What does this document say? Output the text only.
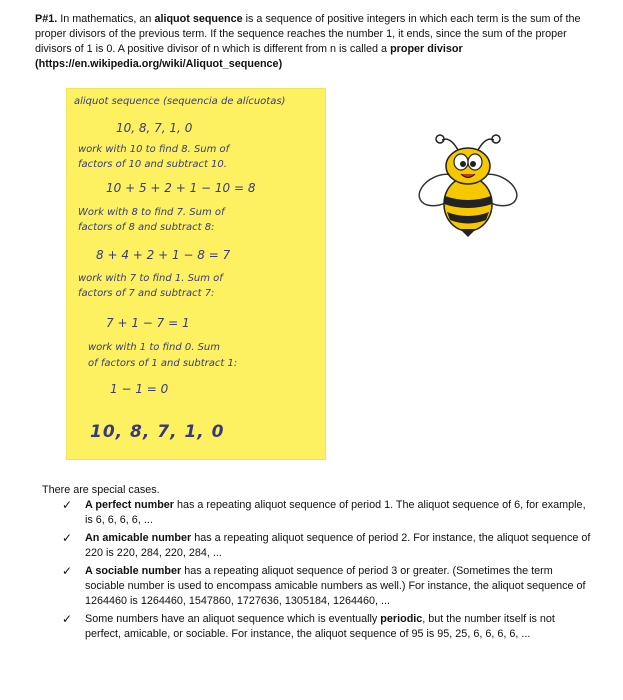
P#1. In mathematics, an aliquot sequence is a sequence of positive integers in which each term is the sum of the proper divisors of the previous term. If the sequence reaches the number 1, it ends, since the sum of the proper divisors of 1 is 0. A positive divisor of n which is different from n is called a proper divisor (https://en.wikipedia.org/wiki/Aliquot_sequence)
aliquot sequence (sequencia de alícuotas)
10, 8, 7, 1, 0
work with 10 to find 8. Sum of
factors of 10 and subtract 10.
10 + 5 + 2 + 1 − 10 = 8
Work with 8 to find 7. Sum of
factors of 8 and subtract 8:
8 + 4 + 2 + 1 − 8 = 7
work with 7 to find 1. Sum of
factors of 7 and subtract 7:
7 + 1 − 7 = 1
work with 1 to find 0. Sum
of factors of 1 and subtract 1:
1 − 1 = 0
10, 8, 7, 1, 0
There are special cases.
✓ A perfect number has a repeating aliquot sequence of period 1. The aliquot sequence of 6, for example, is 6, 6, 6, 6, ...
✓ An amicable number has a repeating aliquot sequence of period 2. For instance, the aliquot sequence of 220 is 220, 284, 220, 284, ...
✓ A sociable number has a repeating aliquot sequence of period 3 or greater. (Sometimes the term sociable number is used to encompass amicable numbers as well.) For instance, the aliquot sequence of 1264460 is 1264460, 1547860, 1727636, 1305184, 1264460, ...
✓ Some numbers have an aliquot sequence which is eventually periodic, but the number itself is not perfect, amicable, or sociable. For instance, the aliquot sequence of 95 is 95, 25, 6, 6, 6, 6, ...
